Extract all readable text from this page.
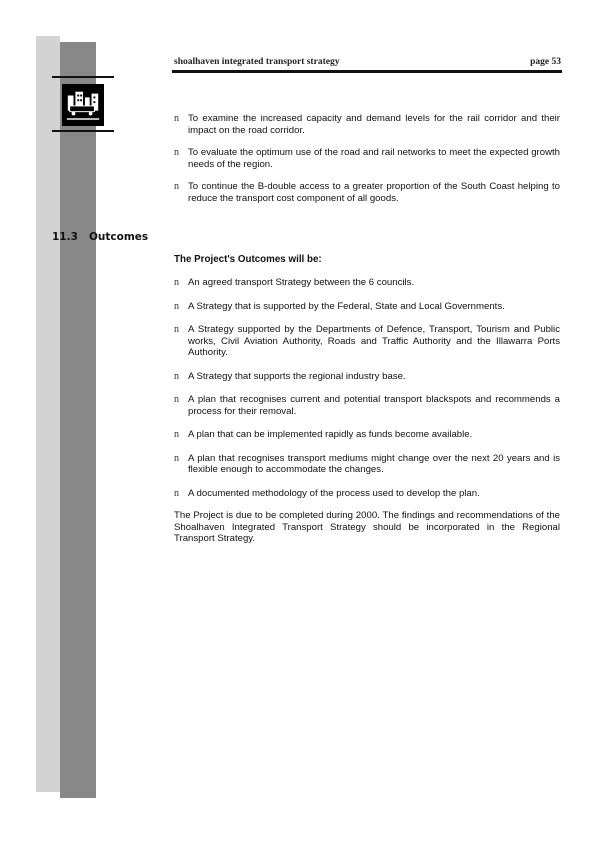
shoalhaven integrated transport strategy	page 53
n To examine the increased capacity and demand levels for the rail corridor and their impact on the road corridor.
n To evaluate the optimum use of the road and rail networks to meet the expected growth needs of the region.
n To continue the B-double access to a greater proportion of the South Coast helping to reduce the transport cost component of all goods.
11.3 Outcomes
The Project's Outcomes will be:
n An agreed transport Strategy between the 6 councils.
n A Strategy that is supported by the Federal, State and Local Governments.
n A Strategy supported by the Departments of Defence, Transport, Tourism and Public works, Civil Aviation Authority, Roads and Traffic Authority and the Illawarra Ports Authority.
n A Strategy that supports the regional industry base.
n A plan that recognises current and potential transport blackspots and recommends a process for their removal.
n A plan that can be implemented rapidly as funds become available.
n A plan that recognises transport mediums might change over the next 20 years and is flexible enough to accommodate the changes.
n A documented methodology of the process used to develop the plan.

The Project is due to be completed during 2000. The findings and recommendations of the Shoalhaven Integrated Transport Strategy should be incorporated in the Regional Transport Strategy.
